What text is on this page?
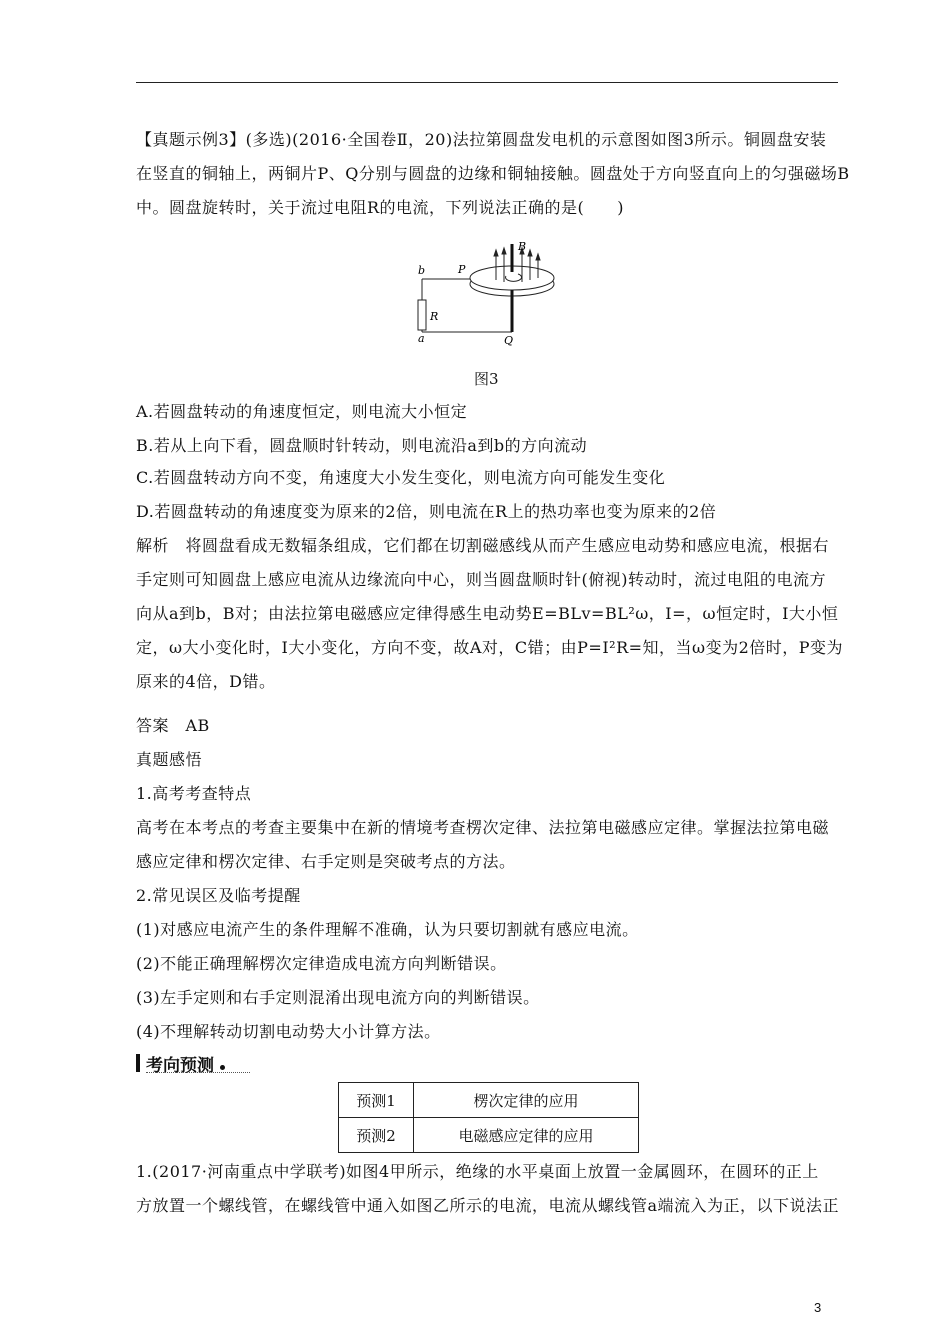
【真题示例3】(多选)(2016·全国卷Ⅱ，20)法拉第圆盘发电机的示意图如图3所示。铜圆盘安装
在竖直的铜轴上，两铜片P、Q分别与圆盘的边缘和铜轴接触。圆盘处于方向竖直向上的匀强磁场B
中。圆盘旋转时，关于流过电阻R的电流，下列说法正确的是(　　)
b
a
P
Q
R
B
图3
A.若圆盘转动的角速度恒定，则电流大小恒定
B.若从上向下看，圆盘顺时针转动，则电流沿a到b的方向流动
C.若圆盘转动方向不变，角速度大小发生变化，则电流方向可能发生变化
D.若圆盘转动的角速度变为原来的2倍，则电流在R上的热功率也变为原来的2倍
解析　将圆盘看成无数辐条组成，它们都在切割磁感线从而产生感应电动势和感应电流，根据右
手定则可知圆盘上感应电流从边缘流向中心，则当圆盘顺时针(俯视)转动时，流过电阻的电流方
向从a到b，B对；由法拉第电磁感应定律得感生电动势E=BLv=BL²ω，I=，ω恒定时，I大小恒
定，ω大小变化时，I大小变化，方向不变，故A对，C错；由P=I²R=知，当ω变为2倍时，P变为
原来的4倍，D错。
答案　AB
真题感悟
1.高考考查特点
高考在本考点的考查主要集中在新的情境考查楞次定律、法拉第电磁感应定律。掌握法拉第电磁
感应定律和楞次定律、右手定则是突破考点的方法。
2.常见误区及临考提醒
(1)对感应电流产生的条件理解不准确，认为只要切割就有感应电流。
(2)不能正确理解楞次定律造成电流方向判断错误。
(3)左手定则和右手定则混淆出现电流方向的判断错误。
(4)不理解转动切割电动势大小计算方法。
考向预测
预测1	楞次定律的应用
预测2	电磁感应定律的应用
1.(2017·河南重点中学联考)如图4甲所示，绝缘的水平桌面上放置一金属圆环，在圆环的正上
方放置一个螺线管，在螺线管中通入如图乙所示的电流，电流从螺线管a端流入为正，以下说法正
3
